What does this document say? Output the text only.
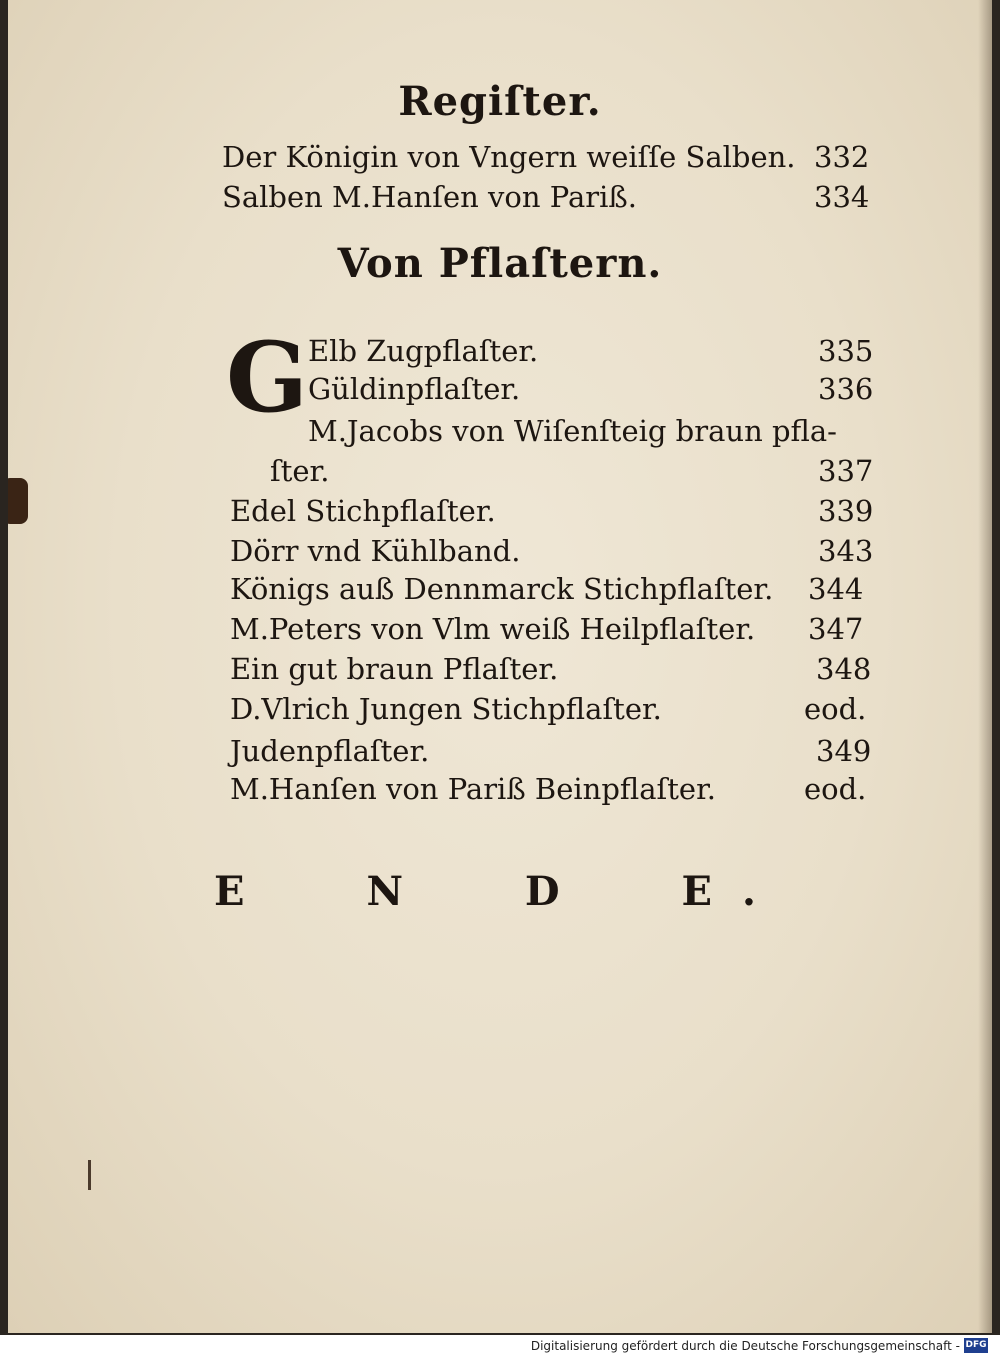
Regiſter.
Der Königin von Vngern weiſſe Salben. 332
Salben M.Hanſen von Pariß.	334
Von Pflaſtern.
G Elb Zugpflaſter.	335
Güldinpflaſter.	336
M.Jacobs von Wiſenſteig braun pfla-
ſter.	337
Edel Stichpflaſter.	339
Dörr vnd Kühlband.	343
Königs auß Dennmarck Stichpflaſter. 344
M.Peters von Vlm weiß Heilpflaſter. 347
Ein gut braun Pflaſter.	348
D.Vlrich Jungen Stichpflaſter.	eod.
Judenpflaſter.	349
M.Hanſen von Pariß Beinpflaſter.	eod.
E N D E.
Digitalisierung gefördert durch die Deutsche Forschungsgemeinschaft - DFG
